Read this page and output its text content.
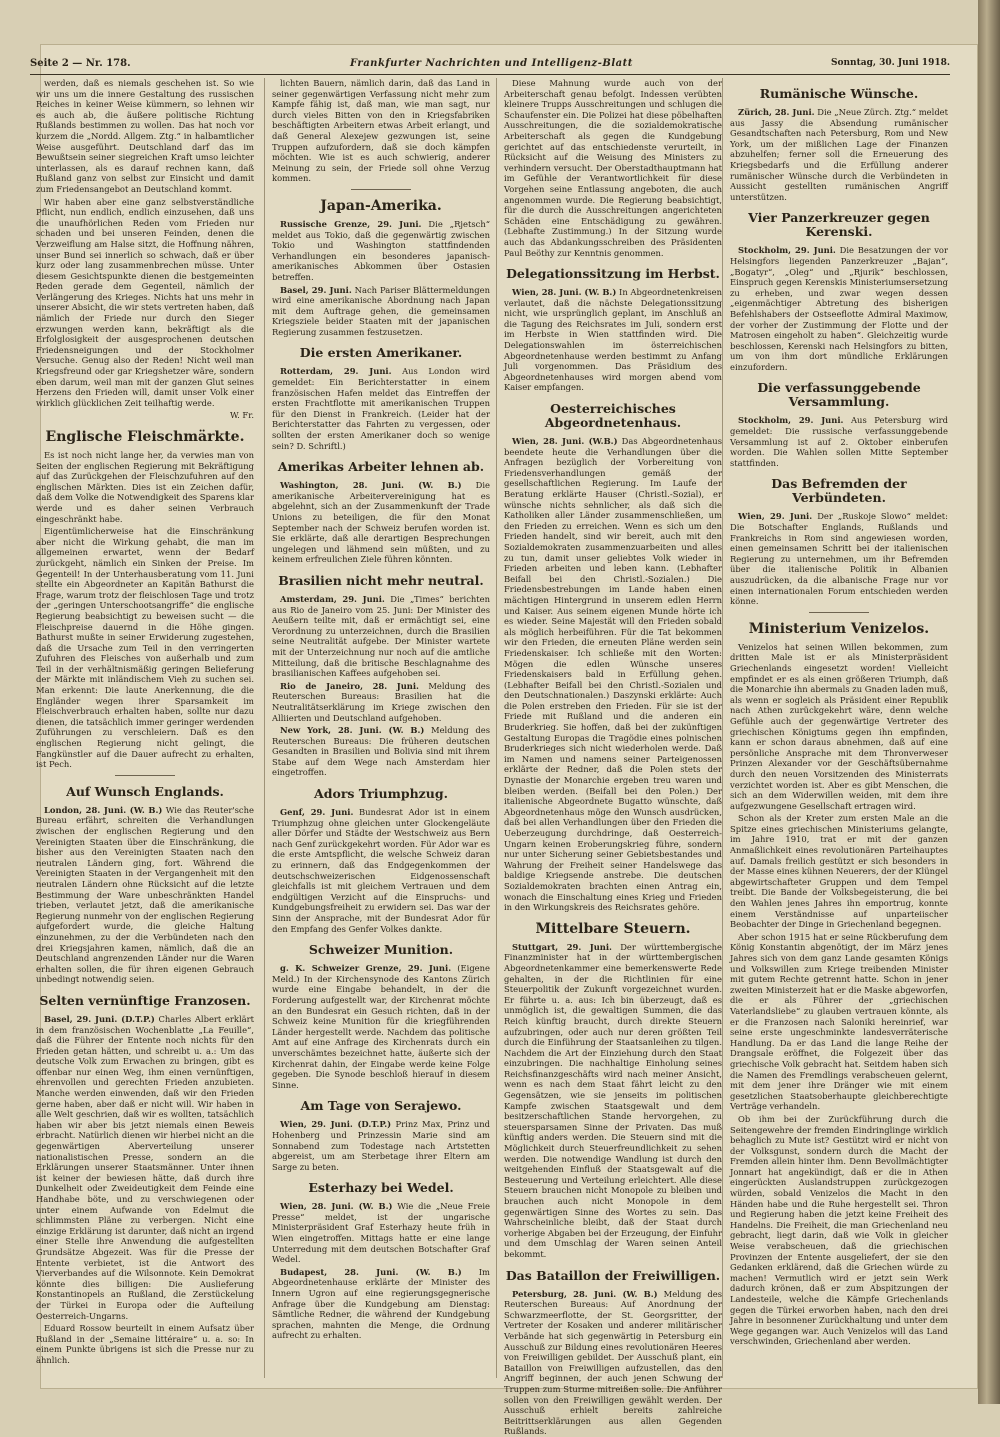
Seite 2 — Nr. 178.	Frankfurter Nachrichten und Intelligenz-Blatt	Sonntag, 30. Juni 1918.

werden, daß es niemals geschehen ist. So wie wir uns um die innere Gestaltung des russischen Reiches in keiner Weise kümmern, so lehnen wir es auch ab, die äußere politische Richtung Rußlands bestimmen zu wollen. Das hat noch vor kurzem die „Nordd. Allgem. Ztg.“ in halbamtlicher Weise ausgeführt. Deutschland darf das im Bewußtsein seiner siegreichen Kraft umso leichter unterlassen, als es darauf rechnen kann, daß Rußland ganz von selbst zur Einsicht und damit zum Friedensangebot an Deutschland kommt.

Wir haben aber eine ganz selbstverständliche Pflicht, nun endlich, endlich einzusehen, daß uns die unaufhörlichen Reden vom Frieden nur schaden und bei unseren Feinden, denen die Verzweiflung am Halse sitzt, die Hoffnung nähren, unser Bund sei innerlich so schwach, daß er über kurz oder lang zusammenbrechen müsse. Unter diesem Gesichtspunkte dienen die bestgemeinten Reden gerade dem Gegenteil, nämlich der Verlängerung des Krieges. Nichts hat uns mehr in unserer Absicht, die wir stets vertreten haben, daß nämlich der Friede nur durch den Sieger erzwungen werden kann, bekräftigt als die Erfolglosigkeit der ausgesprochenen deutschen Friedensneigungen und der Stockholmer Versuche. Genug also der Reden! Nicht weil man Kriegsfreund oder gar Kriegshetzer wäre, sondern eben darum, weil man mit der ganzen Glut seines Herzens den Frieden will, damit unser Volk einer wirklich glücklichen Zeit teilhaftig werde.

W. Fr.
Englische Fleischmärkte.

Es ist noch nicht lange her, da verwies man von Seiten der englischen Regierung mit Bekräftigung auf das Zurückgehen der Fleischzufuhren auf den englischen Märkten. Dies ist ein Zeichen dafür, daß dem Volke die Notwendigkeit des Sparens klar werde und es daher seinen Verbrauch eingeschränkt habe.

Eigentümlicherweise hat die Einschränkung aber nicht die Wirkung gehabt, die man im allgemeinen erwartet, wenn der Bedarf zurückgeht, nämlich ein Sinken der Preise. Im Gegenteil! In der Unterhausberatung vom 11. Juni stellte ein Abgeordneter an Kapitän Bathurst die Frage, warum trotz der fleischlosen Tage und trotz der „geringen Unterschootsangriffe“ die englische Regierung beabsichtigt zu beweisen sucht — die Fleischpreise dauernd in die Höhe gingen. Bathurst mußte in seiner Erwiderung zugestehen, daß die Ursache zum Teil in den verringerten Zufuhren des Fleisches von außerhalb und zum Teil in der verhältnismäßig geringen Belieferung der Märkte mit inländischem Vieh zu suchen sei. Man erkennt: Die laute Anerkennung, die die Engländer wegen ihrer Sparsamkeit im Fleischverbrauch erhalten haben, sollte nur dazu dienen, die tatsächlich immer geringer werdenden Zuführungen zu verschleiern. Daß es den englischen Regierung nicht gelingt, die Fangkünstler auf die Dauer aufrecht zu erhalten, ist Pech.

Auf Wunsch Englands.

London, 28. Juni. (W. B.) Wie das Reuter'sche Bureau erfährt, schreiten die Verhandlungen zwischen der englischen Regierung und den Vereinigten Staaten über die Einschränkung, die bisher aus den Vereinigten Staaten nach den neutralen Ländern ging, fort. Während die Vereinigten Staaten in der Vergangenheit mit den neutralen Ländern ohne Rücksicht auf die letzte Bestimmung der Ware unbeschränkten Handel trieben, verlautet jetzt, daß die amerikanische Regierung nunmehr von der englischen Regierung aufgefordert wurde, die gleiche Haltung einzunehmen, zu der die Verbündeten nach den drei Kriegsjahren kamen, nämlich, daß die an Deutschland angrenzenden Länder nur die Waren erhalten sollen, die für ihren eigenen Gebrauch unbedingt notwendig seien.

Selten vernünftige Franzosen.

Basel, 29. Juni. (D.T.P.) Charles Albert erklärt in dem französischen Wochenblatte „La Feuille“, daß die Führer der Entente noch nichts für den Frieden getan hätten, und schreibt u. a.: Um das deutsche Volk zum Erwachen zu bringen, gibt es offenbar nur einen Weg, ihm einen vernünftigen, ehrenvollen und gerechten Frieden anzubieten. Manche werden einwenden, daß wir den Frieden gerne haben, aber daß er nicht will. Wir haben in alle Welt geschrien, daß wir es wollten, tatsächlich haben wir aber bis jetzt niemals einen Beweis erbracht. Natürlich dienen wir hierbei nicht an die gegenwärtigen Aberverteilung unserer nationalistischen Presse, sondern an die Erklärungen unserer Staatsmänner. Unter ihnen ist keiner der bewiesen hätte, daß durch ihre Dunkelheit oder Zweideutigkeit dem Feinde eine Handhabe böte, und zu verschwiegenen oder unter einem Aufwande von Edelmut die schlimmsten Pläne zu verbergen. Nicht eine einzige Erklärung ist darunter, daß nicht an irgend einer Stelle ihre Anwendung die aufgestellten Grundsätze Abgezeit. Was für die Presse der Entente verbietet, ist die Antwort des Vierverbandes auf die Wilsonnote. Kein Demokrat könnte dies billigen: Die Auslieferung Konstantinopels an Rußland, die Zerstückelung der Türkei in Europa oder die Aufteilung Oesterreich-Ungarns.

Eduard Rossow beurteilt in einem Aufsatz über Rußland in der „Semaine littéraire“ u. a. so: In einem Punkte übrigens ist sich die Presse nur zu ähnlich.

lichten Bauern, nämlich darin, daß das Land in seiner gegenwärtigen Verfassung nicht mehr zum Kampfe fähig ist, daß man, wie man sagt, nur durch vieles Bitten von den in Kriegsfabriken beschäftigten Arbeitern etwas Arbeit erlangt, und daß General Alexejew gezwungen ist, seine Truppen aufzufordern, daß sie doch kämpfen möchten. Wie ist es auch schwierig, anderer Meinung zu sein, der Friede soll ohne Verzug kommen.

Japan-Amerika.

Russische Grenze, 29. Juni. Die „Rjetsch“ meldet aus Tokio, daß die gegenwärtig zwischen Tokio und Washington stattfindenden Verhandlungen ein besonderes japanisch-amerikanisches Abkommen über Ostasien betreffen.

Basel, 29. Juni. Nach Pariser Blättermeldungen wird eine amerikanische Abordnung nach Japan mit dem Auftrage gehen, die gemeinsamen Kriegsziele beider Staaten mit der japanischen Regierung zusammen festzusetzen.

Die ersten Amerikaner.

Rotterdam, 29. Juni. Aus London wird gemeldet: Ein Berichterstatter in einem französischen Hafen meldet das Eintreffen der ersten Frachtflotte mit amerikanischen Truppen für den Dienst in Frankreich. (Leider hat der Berichterstatter das Fahrten zu vergessen, oder sollten der ersten Amerikaner doch so wenige sein? D. Schriftl.)

Amerikas Arbeiter lehnen ab.

Washington, 28. Juni. (W. B.) Die amerikanische Arbeitervereinigung hat es abgelehnt, sich an der Zusammenkunft der Trade Unions zu beteiligen, die für den Monat September nach der Schweiz berufen worden ist. Sie erklärte, daß alle derartigen Besprechungen ungelegen und lähmend sein müßten, und zu keinem erfreulichen Ziele führen könnten.

Brasilien nicht mehr neutral.

Amsterdam, 29. Juni. Die „Times“ berichten aus Rio de Janeiro vom 25. Juni: Der Minister des Aeußern teilte mit, daß er ermächtigt sei, eine Verordnung zu unterzeichnen, durch die Brasilien seine Neutralität aufgebe. Der Minister wartete mit der Unterzeichnung nur noch auf die amtliche Mitteilung, daß die britische Beschlagnahme des brasilianischen Kaffees aufgehoben sei.

Rio de Janeiro, 28. Juni. Meldung des Reuterschen Bureaus: Brasilien hat die Neutralitätserklärung im Kriege zwischen den Alliierten und Deutschland aufgehoben.

New York, 28. Juni. (W. B.) Meldung des Reuterschen Bureaus: Die früheren deutschen Gesandten in Brasilien und Bolivia sind mit ihrem Stabe auf dem Wege nach Amsterdam hier eingetroffen.

Adors Triumphzug.

Genf, 29. Juni. Bundesrat Ador ist in einem Triumphzug ohne gleichen unter Glockengeläute aller Dörfer und Städte der Westschweiz aus Bern nach Genf zurückgekehrt worden. Für Ador war es die erste Amtspflicht, die welsche Schweiz daran zu erinnern, daß das Endgegenkommen der deutschschweizerischen Eidgenossenschaft gleichfalls ist mit gleichem Vertrauen und dem endgültigen Verzicht auf die Einspruchs- und Kundgebungsfreiheit zu erwidern sei. Das war der Sinn der Ansprache, mit der Bundesrat Ador für den Empfang des Genfer Volkes dankte.

Schweizer Munition.

g. K. Schweizer Grenze, 29. Juni. (Eigene Meld.) In der Kirchensynode des Kantons Zürich wurde eine Eingabe behandelt, in der die Forderung aufgestellt war, der Kirchenrat möchte an den Bundesrat ein Gesuch richten, daß in der Schweiz keine Munition für die kriegführenden Länder hergestellt werde. Nachdem das politische Amt auf eine Anfrage des Kirchenrats durch ein unverschämtes bezeichnet hatte, äußerte sich der Kirchenrat dahin, der Eingabe werde keine Folge gegeben. Die Synode beschloß hierauf in diesem Sinne.

Am Tage von Serajewo.

Wien, 29. Juni. (D.T.P.) Prinz Max, Prinz und Hohenberg und Prinzessin Marie sind am Sonnabend zum Todestage nach Artstetten abgereist, um am Sterbetage ihrer Eltern am Sarge zu beten.

Esterhazy bei Wedel.

Wien, 28. Juni. (W. B.) Wie die „Neue Freie Presse“ meldet, ist der ungarische Ministerpräsident Graf Esterhazy heute früh in Wien eingetroffen. Mittags hatte er eine lange Unterredung mit dem deutschen Botschafter Graf Wedel.

Budapest, 28. Juni. (W. B.) Im Abgeordnetenhause erklärte der Minister des Innern Ugron auf eine regierungsgegnerische Anfrage über die Kundgebung am Dienstag: Sämtliche Redner, die während der Kundgebung sprachen, mahnten die Menge, die Ordnung aufrecht zu erhalten.

Diese Mahnung wurde auch von der Arbeiterschaft genau befolgt. Indessen verübten kleinere Trupps Ausschreitungen und schlugen die Schaufenster ein. Die Polizei hat diese pöbelhaften Ausschreitungen, die die sozialdemokratische Arbeiterschaft als gegen die Kundgebung gerichtet auf das entschiedenste verurteilt, in Rücksicht auf die Weisung des Ministers zu verhindern versucht. Der Oberstadthauptmann hat im Gefühle der Verantwortlichkeit für diese Vorgehen seine Entlassung angeboten, die auch angenommen wurde. Die Regierung beabsichtigt, für die durch die Ausschreitungen angerichteten Schäden eine Entschädigung zu gewähren. (Lebhafte Zustimmung.) In der Sitzung wurde auch das Abdankungsschreiben des Präsidenten Paul Beöthy zur Kenntnis genommen.

Delegationssitzung im Herbst.

Wien, 28. Juni. (W. B.) In Abgeordnetenkreisen verlautet, daß die nächste Delegationssitzung nicht, wie ursprünglich geplant, im Anschluß an die Tagung des Reichsrates im Juli, sondern erst im Herbste in Wien stattfinden wird. Die Delegationswahlen im österreichischen Abgeordnetenhause werden bestimmt zu Anfang Juli vorgenommen. Das Präsidium des Abgeordnetenhauses wird morgen abend vom Kaiser empfangen.

Oesterreichisches Abgeordnetenhaus.

Wien, 28. Juni. (W.B.) Das Abgeordnetenhaus beendete heute die Verhandlungen über die Anfragen bezüglich der Vorbereitung von Friedensverhandlungen gemäß der gesellschaftlichen Regierung. Im Laufe der Beratung erklärte Hauser (Christl.-Sozial), er wünsche nichts sehnlicher, als daß sich die Katholiken aller Länder zusammenschließen, um den Frieden zu erreichen. Wenn es sich um den Frieden handelt, sind wir bereit, auch mit den Sozialdemokraten zusammenzuarbeiten und alles zu tun, damit unser geliebtes Volk wieder in Frieden arbeiten und leben kann. (Lebhafter Beifall bei den Christl.-Sozialen.) Die Friedensbestrebungen im Lande haben einen mächtigen Hintergrund in unserem edlen Herrn und Kaiser. Aus seinem eigenen Munde hörte ich es wieder. Seine Majestät will den Frieden sobald als möglich herbeiführen. Für die Tat bekommen wir den Frieden, die erneuten Pläne werden sein Friedenskaiser. Ich schließe mit den Worten: Mögen die edlen Wünsche unseres Friedenskaisers bald in Erfüllung gehen. (Lebhafter Beifall bei den Christl.-Sozialen und den Deutschnationalen.) Daszynski erklärte: Auch die Polen erstreben den Frieden. Für sie ist der Friede mit Rußland und die anderen ein Bruderkrieg. Sie hoffen, daß bei der zukünftigen Gestaltung Europas die Tragödie eines polnischen Bruderkrieges sich nicht wiederholen werde. Daß im Namen und namens seiner Parteigenossen erklärte der Redner, daß die Polen stets der Dynastie der Monarchie ergeben treu waren und bleiben werden. (Beifall bei den Polen.) Der italienische Abgeordnete Bugatto wünschte, daß Abgeordnetenhaus möge den Wunsch ausdrücken, daß bei allen Verhandlungen über den Frieden die Ueberzeugung durchdringe, daß Oesterreich-Ungarn keinen Eroberungskrieg führe, sondern nur unter Sicherung seiner Gebietsbestandes und Wahrung der Freiheit seiner Handelswege das baldige Kriegsende anstrebe. Die deutschen Sozialdemokraten brachten einen Antrag ein, wonach die Einschaltung eines Krieg und Frieden in den Wirkungskreis des Reichsrates gehöre.

Mittelbare Steuern.

Stuttgart, 29. Juni. Der württembergische Finanzminister hat in der württembergischen Abgeordnetenkammer eine bemerkenswerte Rede gehalten, in der die Richtlinien für eine Steuerpolitik der Zukunft vorgezeichnet wurden. Er führte u. a. aus: Ich bin überzeugt, daß es unmöglich ist, die gewaltigen Summen, die das Reich künftig braucht, durch direkte Steuern aufzubringen, oder auch nur deren größten Teil durch die Einführung der Staatsanleihen zu tilgen. Nachdem die Art der Einziehung durch den Staat einzubringen. Die nachhaltige Einholung seines Reichsfinanzgeschäfts wird nach meiner Ansicht, wenn es nach dem Staat fährt leicht zu den Gegensätzen, wie sie jenseits im politischen Kampfe zwischen Staatsgewalt und dem besitzerschaftlichen Stande hervorgehen, zu steuersparsamen Sinne der Privaten. Das muß künftig anders werden. Die Steuern sind mit die Möglichkeit durch Steuerfreundlichkeit zu sehen werden. Die notwendige Wandlung ist durch den weitgehenden Einfluß der Staatsgewalt auf die Besteuerung und Verteilung erleichtert. Alle diese Steuern brauchen nicht Monopole zu bleiben und brauchen auch nicht Monopole in dem gegenwärtigen Sinne des Wortes zu sein. Das Wahrscheinliche bleibt, daß der Staat durch vorherige Abgaben bei der Erzeugung, der Einfuhr und dem Umschlag der Waren seinen Anteil bekommt.

Das Bataillon der Freiwilligen.

Petersburg, 28. Juni. (W. B.) Meldung des Reuterschen Bureaus: Auf Anordnung der Schwarzmeerflotte, der St. Georgsritter, der Vertreter der Kosaken und anderer militärischer Verbände hat sich gegenwärtig in Petersburg ein Ausschuß zur Bildung eines revolutionären Heeres von Freiwilligen gebildet. Der Ausschuß plant, ein Bataillon von Freiwilligen aufzustellen, das den Angriff beginnen, der auch jenen Schwung der Truppen zum Sturme mitreißen solle. Die Anführer sollen von den Freiwilligen gewählt werden. Der Ausschuß erhielt bereits zahlreiche Beitrittserklärungen aus allen Gegenden Rußlands.

Rumänische Wünsche.

Zürich, 28. Juni. Die „Neue Zürch. Ztg.“ meldet aus Jassy die Absendung rumänischer Gesandtschaften nach Petersburg, Rom und New York, um der mißlichen Lage der Finanzen abzuhelfen; ferner soll die Erneuerung des Kriegsbedarfs und die Erfüllung anderer rumänischer Wünsche durch die Verbündeten in Aussicht gestellten rumänischen Angriff unterstützen.

Vier Panzerkreuzer gegen Kerenski.

Stockholm, 29. Juni. Die Besatzungen der vor Helsingfors liegenden Panzerkreuzer „Bajan“, „Bogatyr“, „Oleg“ und „Rjurik“ beschlossen, Einspruch gegen Kerenskis Ministeriumsersetzung zu erheben, und zwar wegen dessen „eigenmächtiger Abtretung des bisherigen Befehlshabers der Ostseeflotte Admiral Maximow, der vorher der Zustimmung der Flotte und der Matrosen eingeholt zu haben“. Gleichzeitig wurde beschlossen, Kerenski nach Helsingfors zu bitten, um von ihm dort mündliche Erklärungen einzufordern.

Die verfassunggebende Versammlung.

Stockholm, 29. Juni. Aus Petersburg wird gemeldet: Die russische verfassunggebende Versammlung ist auf 2. Oktober einberufen worden. Die Wahlen sollen Mitte September stattfinden.

Das Befremden der Verbündeten.

Wien, 29. Juni. Der „Ruskoje Slowo“ meldet: Die Botschafter Englands, Rußlands und Frankreichs in Rom sind angewiesen worden, einen gemeinsamen Schritt bei der italienischen Regierung zu unternehmen, um ihr Befremden über die italienische Politik in Albanien auszudrücken, da die albanische Frage nur vor einen internationalen Forum entschieden werden könne.

Ministerium Venizelos.

Venizelos hat seinen Willen bekommen, zum dritten Male ist er als Ministerpräsident Griechenlands eingesetzt worden! Vielleicht empfindet er es als einen größeren Triumph, daß die Monarchie ihn abermals zu Gnaden laden muß, als wenn er sogleich als Präsident einer Republik nach Athen zurückgekehrt wäre, denn welche Gefühle auch der gegenwärtige Vertreter des griechischen Königtums gegen ihn empfinden, kann er schon daraus abnehmen, daß auf eine persönliche Ansprache mit dem Thronverweser Prinzen Alexander vor der Geschäftsübernahme durch den neuen Vorsitzenden des Ministerrats verzichtet worden ist. Aber es gibt Menschen, die sich an dem Widerwillen weiden, mit dem ihre aufgezwungene Gesellschaft ertragen wird.

Schon als der Kreter zum ersten Male an die Spitze eines griechischen Ministeriums gelangte, im Jahre 1910, trat er mit der ganzen Anmaßlichkeit eines revolutionären Parteihauptes auf. Damals freilich gestützt er sich besonders in der Masse eines kühnen Neuerers, der der Klüngel abgewirtschafteter Gruppen und dem Tempel treibt. Die Bande der Volksbegeisterung, die bei den Wahlen jenes Jahres ihn emportrug, konnte einem Verständnisse auf unparteiischer Beobachter der Dinge in Griechenland begegnen.

Aber schon 1915 hat er seine Rückberufung dem König Konstantin abgenötigt, der im März jenes Jahres sich von dem ganz Lande gesamten Königs und Volkswillen zum Kriege treibenden Minister mit gutem Rechte getrennt hatte. Schon in jener zweiten Ministerzeit hat er die Maske abgeworfen, die er als Führer der „griechischen Vaterlandsliebe“ zu glauben vertrauen könnte, als er die Franzosen nach Saloniki hereinrief, war seine erste ungeschminkte landesverräterische Handlung. Da er das Land die lange Reihe der Drangsale eröffnet, die Folgezeit über das griechische Volk gebracht hat. Seitdem haben sich die Namen des Fremdlings verabscheuen gelernt, mit dem jener ihre Dränger wie mit einem gesetzlichen Staatsoberhaupte gleichberechtigte Verträge verhandeln.

Ob ihm bei der Zurückführung durch die Seitengewehre der fremden Eindringlinge wirklich behaglich zu Mute ist? Gestützt wird er nicht von der Volksgunst, sondern durch die Macht der Fremden allein hinter ihm. Denn Bevollmächtigter Jonnart hat angekündigt, daß er die in Athen eingerückten Auslandstruppen zurückgezogen würden, sobald Venizelos die Macht in den Händen habe und die Ruhe hergestellt sei. Thron und Regierung haben die jetzt keine Freiheit des Handelns. Die Freiheit, die man Griechenland neu gebracht, liegt darin, daß wie Volk in gleicher Weise verabscheuen, daß die griechischen Provinzen der Entente ausgeliefert, der sie den Gedanken erklärend, daß die Griechen würde zu machen! Vermutlich wird er jetzt sein Werk dadurch krönen, daß er zum Abspitzungen der Landesteile, welche die Kämpfe Griechenlands gegen die Türkei erworben haben, nach den drei Jahre in besonnener Zurückhaltung und unter dem Wege gegangen war. Auch Venizelos will das Land verschwinden, Griechenland aber werden.
